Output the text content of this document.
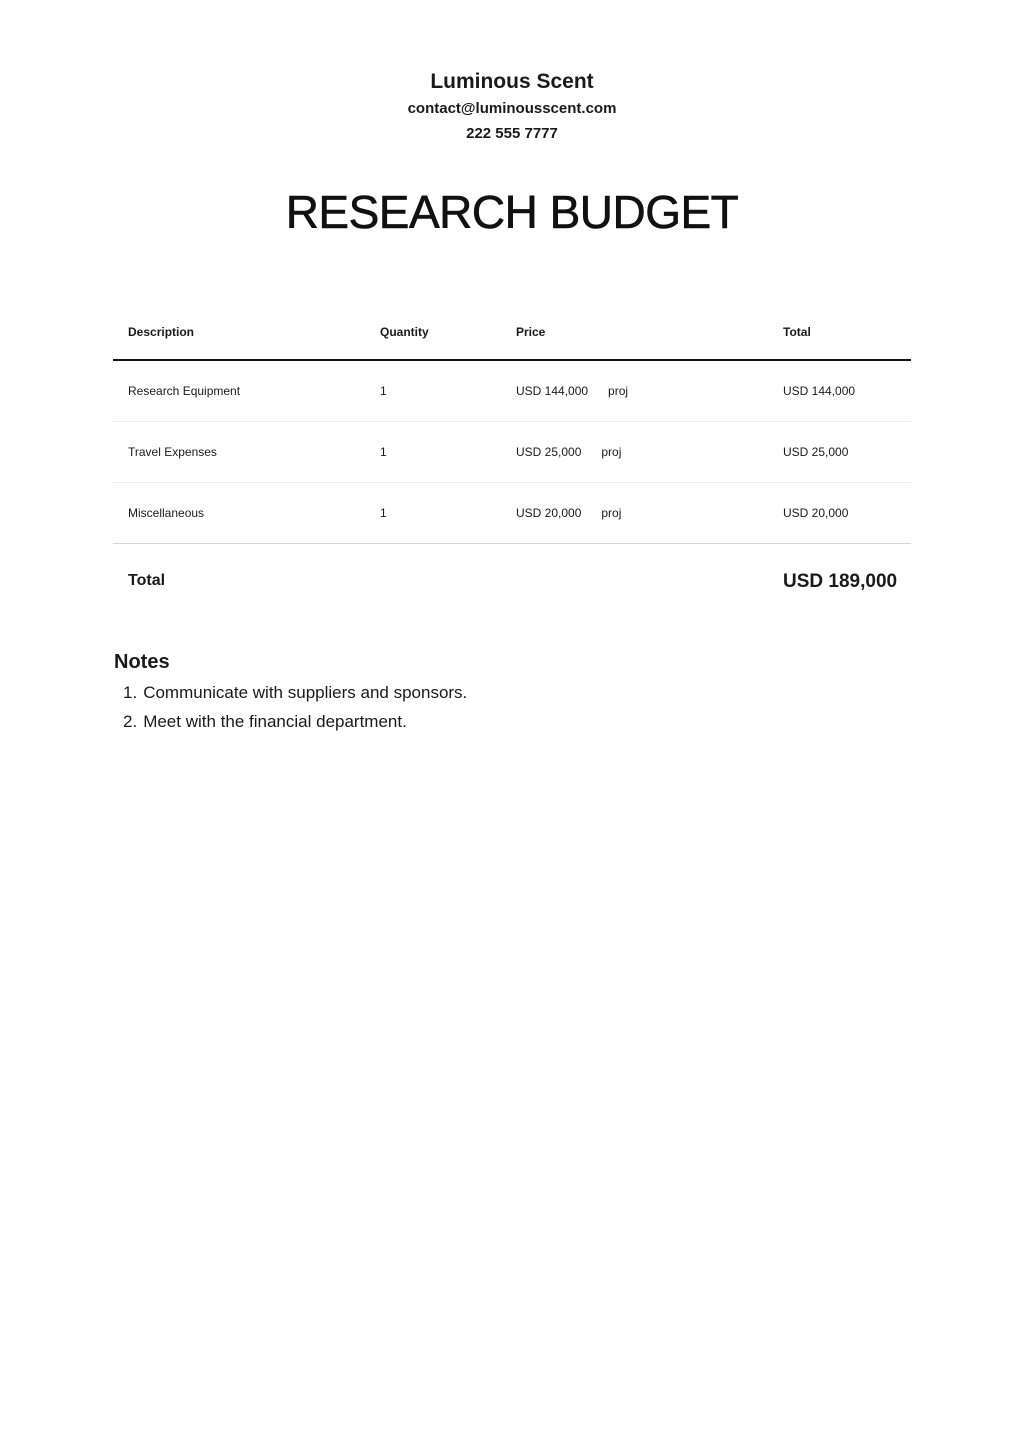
Luminous Scent
contact@luminousscent.com
222 555 7777
RESEARCH BUDGET
Description	Quantity	Price	Total
Research Equipment	1	USD 144,000 proj	USD 144,000
Travel Expenses	1	USD 25,000 proj	USD 25,000
Miscellaneous	1	USD 20,000 proj	USD 20,000
Total	USD 189,000
Notes
1. Communicate with suppliers and sponsors.
2. Meet with the financial department.
